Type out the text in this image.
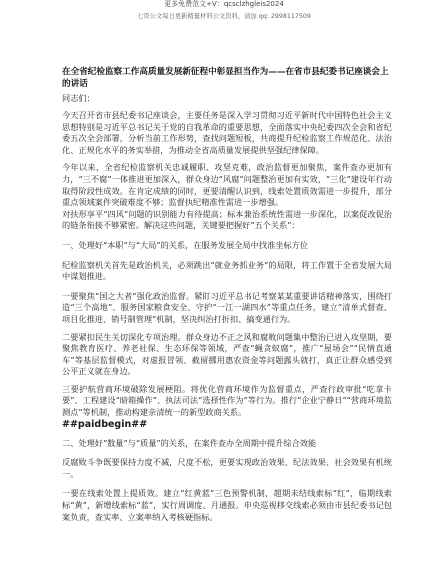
更多免费范文+V：qcsclzhgleis2024
七哥公文每日更新精量材料公文资料，请加 qq: 2998117509
在全省纪检监察工作高质量发展新征程中彰显担当作为——在省市县纪委书记座谈会上的讲话
同志们：

今天召开省市县纪委书记座谈会，主要任务是深入学习贯彻习近平新时代中国特色社会主义思想特别是习近平总书记关于党的自我革命的重要思想，全面落实中央纪委四次全会和省纪委五次全会部署，分析当前工作形势，查找问题短板，共商提升纪检监察工作规范化、法治化、正规化水平的务实举措，为推动全省高质量发展提供坚强纪律保障。

今年以来，全省纪检监察机关忠诚履职、攻坚克难，政治监督更加聚焦，案件查办更加有力，“三不腐”一体推进更加深入，群众身边“风腐”问题整治更加有实效，“三化”建设年行动取得阶段性成效。在肯定成绩的同时，更要清醒认识到，线索处置质效需进一步提升，部分重点领域案件突破难度不够；监督执纪精准性需进一步增强。

对扶形享平“四风”问题的识别能力有待提高；标本兼治系统性需进一步深化，以案促改促治的链条衔接不够紧密。解决这些问题，关键要把握好“五个关系”：

一、处理好“本职”与“大局”的关系，在服务发展全局中找准坐标方位

纪检监察机关首先是政治机关，必须跳出“就业务抓业务”的局限，将工作置于全省发展大局中谋划推进。

一要聚焦“国之大者”强化政治监督。紧盯习近平总书记考察某某重要讲话精神落实，围绕打造“三个高地”、服务国家粮食安全、守护“一江一湖四水”等重点任务，建立“清单式督查、项目化推进、销号制管理”机制，坚决纠治打折扣、搞变通行为。

二要紧扣民生关切深化专项治理。群众身边不正之风和腐败问题集中整治已进入攻坚期，要聚焦教育医疗、养老社保、生态环保等领域，严查“蝇贪蚁腐”，推广“屋场会”“民情直通车”等基层监督模式，对虚报冒领、截留挪用惠农资金等问题露头就打，真正让群众感受到公平正义就在身边。

三要护航营商环境破除发展梗阻。将优化营商环境作为监督重点，严查行政审批“吃拿卡要”、工程建设“暗箱操作”、执法司法“选择性作为”等行为。推行“企业宁静日”“营商环境监测点”等机制，推动构建亲清统一的新型政商关系。

##paidbegin##

二、处理好“数量”与“质量”的关系，在案件查办全周期中提升综合效能

反腐败斗争既要保持力度不减，尺度不松，更要实现政治效果、纪法效果、社会效果有机统一。

一要在线索处置上提质效。建立“红黄蓝”三色预警机制，超期未结线索标“红”，临期线索标“黄”，新增线索标“蓝”，实行周调度、月通报。申央巡视移交线索必须由市县纪委书记包案负责，查实率、立案率纳入考核硬指标。
